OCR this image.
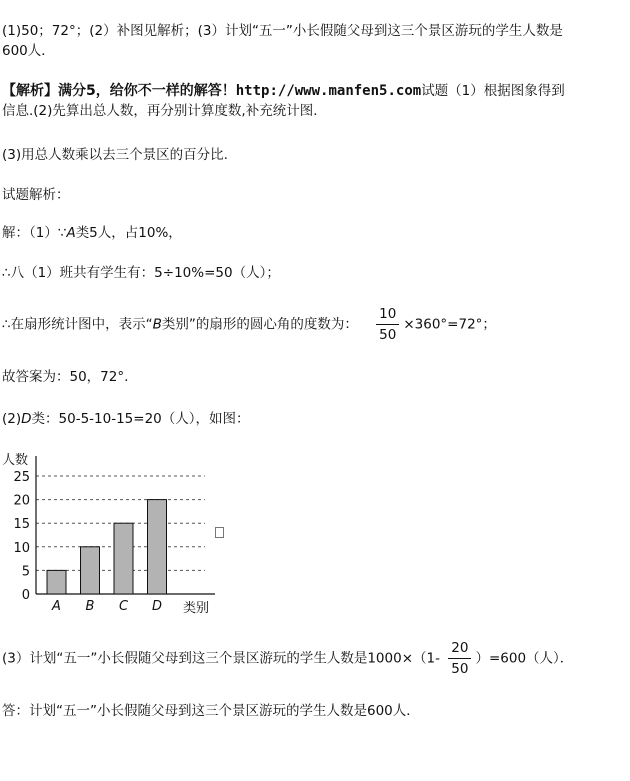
(1)50；72°；(2）补图见解析；(3）计划“五一”小长假随父母到这三个景区游玩的学生人数是
600人．
【解析】满分5，给你不一样的解答！http://www.manfen5.com试题（1）根据图象得到
信息.(2)先算出总人数，再分别计算度数,补充统计图.
(3)用总人数乘以去三个景区的百分比.
试题解析：
解：（1）∵A类5人，占10%，
∴八（1）班共有学生有：5÷10%=50（人）；
∴在扇形统计图中，表示“B类别”的扇形的圆心角的度数为： $\frac{10}{50} \times 360^\circ=72^\circ$；
故答案为：50，72°.
(2)D类：50-5-10-15=20（人），如图：
0
5
10
15
20
25
人数
类别
A B C D
(3）计划“五一”小长假随父母到这三个景区游玩的学生人数是$1000\times(1- \frac{20}{50} )=600$（人）．
答：计划“五一”小长假随父母到这三个景区游玩的学生人数是600人．
